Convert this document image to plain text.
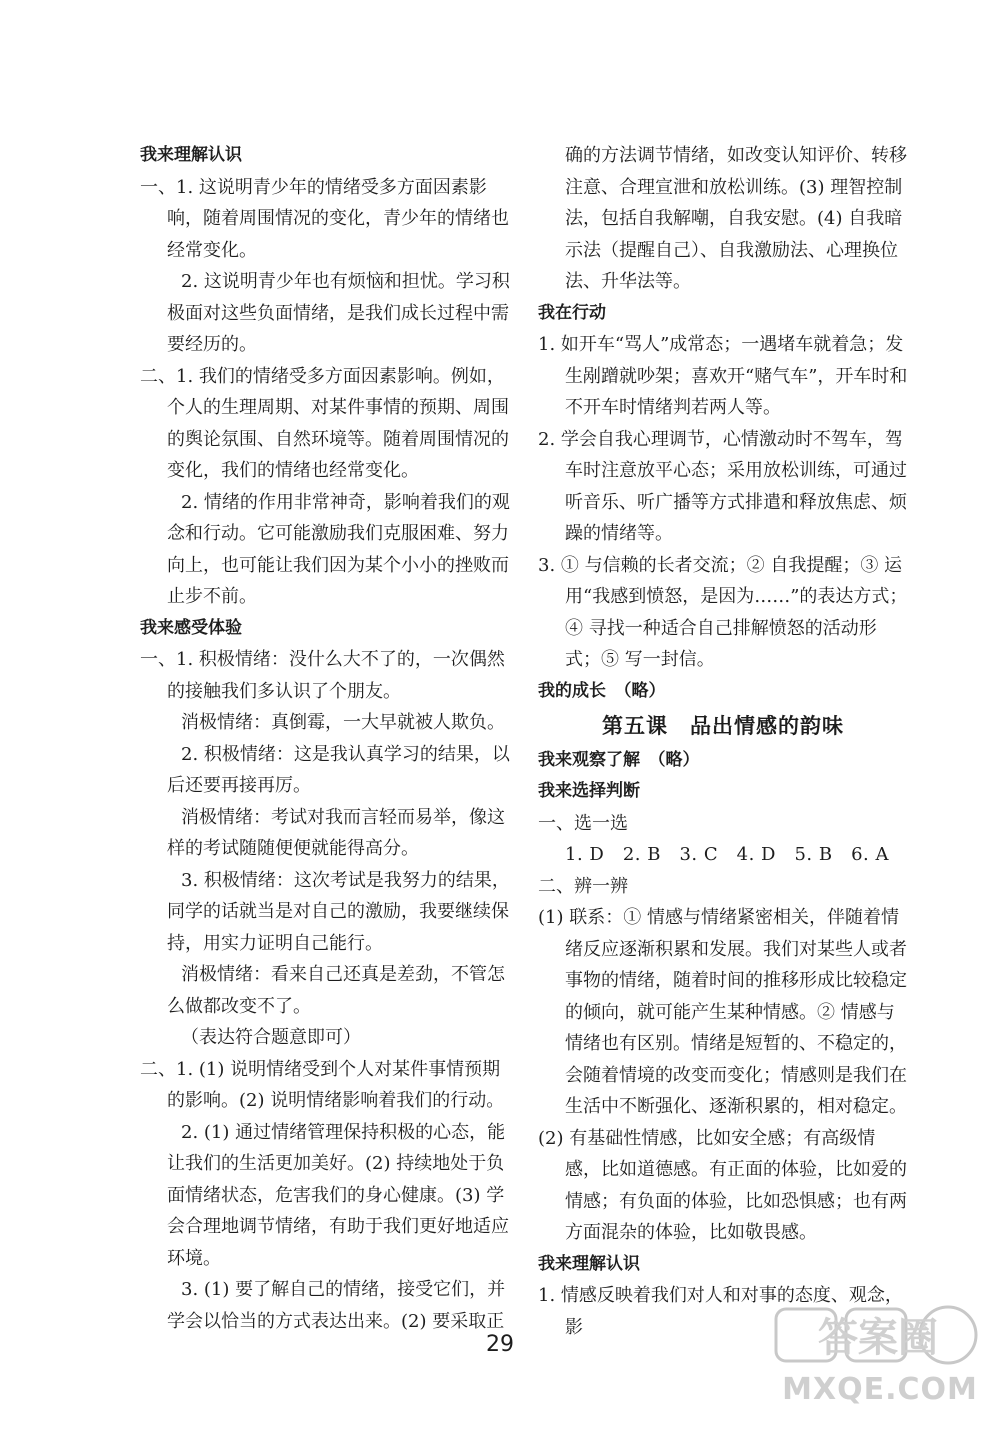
我来理解认识

一、1. 这说明青少年的情绪受多方面因素影响，随着周围情况的变化，青少年的情绪也经常变化。

2. 这说明青少年也有烦恼和担忧。学习积极面对这些负面情绪，是我们成长过程中需要经历的。

二、1. 我们的情绪受多方面因素影响。例如，个人的生理周期、对某件事情的预期、周围的舆论氛围、自然环境等。随着周围情况的变化，我们的情绪也经常变化。

2. 情绪的作用非常神奇，影响着我们的观念和行动。它可能激励我们克服困难、努力向上，也可能让我们因为某个小小的挫败而止步不前。

我来感受体验

一、1. 积极情绪：没什么大不了的，一次偶然的接触我们多认识了个朋友。

消极情绪：真倒霉，一大早就被人欺负。

2. 积极情绪：这是我认真学习的结果，以后还要再接再厉。

消极情绪：考试对我而言轻而易举，像这样的考试随随便便就能得高分。

3. 积极情绪：这次考试是我努力的结果，同学的话就当是对自己的激励，我要继续保持，用实力证明自己能行。

消极情绪：看来自己还真是差劲，不管怎么做都改变不了。

（表达符合题意即可）

二、1. (1) 说明情绪受到个人对某件事情预期的影响。(2) 说明情绪影响着我们的行动。

2. (1) 通过情绪管理保持积极的心态，能让我们的生活更加美好。(2) 持续地处于负面情绪状态，危害我们的身心健康。(3) 学会合理地调节情绪，有助于我们更好地适应环境。

3. (1) 要了解自己的情绪，接受它们，并学会以恰当的方式表达出来。(2) 要采取正

确的方法调节情绪，如改变认知评价、转移注意、合理宣泄和放松训练。(3) 理智控制法，包括自我解嘲，自我安慰。(4) 自我暗示法（提醒自己）、自我激励法、心理换位法、升华法等。

我在行动

1. 如开车“骂人”成常态；一遇堵车就着急；发生剐蹭就吵架；喜欢开“赌气车”，开车时和不开车时情绪判若两人等。

2. 学会自我心理调节，心情激动时不驾车，驾车时注意放平心态；采用放松训练，可通过听音乐、听广播等方式排遣和释放焦虑、烦躁的情绪等。

3. ① 与信赖的长者交流；② 自我提醒；③ 运用“我感到愤怒，是因为……”的表达方式；④ 寻找一种适合自己排解愤怒的活动形式；⑤ 写一封信。

我的成长　（略）

第五课　品出情感的韵味

我来观察了解　（略）

我来选择判断

一、选一选

1. D　2. B　3. C　4. D　5. B　6. A

二、辨一辨

(1) 联系：① 情感与情绪紧密相关，伴随着情绪反应逐渐积累和发展。我们对某些人或者事物的情绪，随着时间的推移形成比较稳定的倾向，就可能产生某种情感。② 情感与情绪也有区别。情绪是短暂的、不稳定的，会随着情境的改变而变化；情感则是我们在生活中不断强化、逐渐积累的，相对稳定。

(2) 有基础性情感，比如安全感；有高级情感，比如道德感。有正面的体验，比如爱的情感；有负面的体验，比如恐惧感；也有两方面混杂的体验，比如敬畏感。

我来理解认识

1. 情感反映着我们对人和对事的态度、观念，影

29	答案圈
MXQE.COM
